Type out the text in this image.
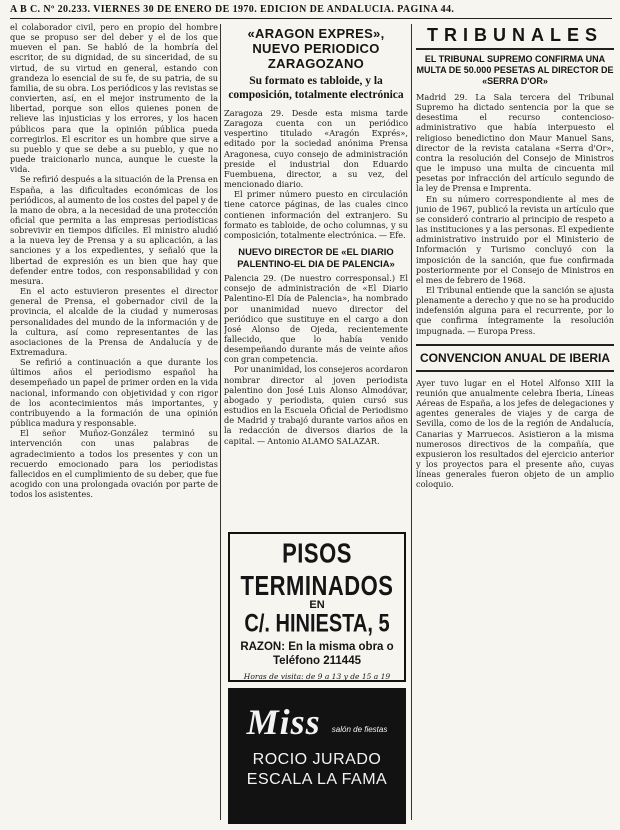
A B C. Nº 20.233. VIERNES 30 DE ENERO DE 1970. EDICION DE ANDALUCIA. PAGINA 44.

el colaborador civil, pero en propio del hombre que se propuso ser del deber y el de los que mueven el pan. Se habló de la hombría del escritor, de su dignidad, de su sinceridad, de su virtud, de su virtud en general, estando con grandeza lo esencial de su fe, de su patria, de su familia, de su obra. Los periódicos y las revistas se convierten, así, en el mejor instrumento de la libertad, porque son ellos quienes ponen de relieve las injusticias y los errores, y los hacen públicos para que la opinión pública pueda corregirlos. El escritor es un hombre que sirve a su pueblo y que se debe a su pueblo, y que no puede traicionarlo nunca, aunque le cueste la vida.

Se refirió después a la situación de la Prensa en España, a las dificultades económicas de los periódicos, al aumento de los costes del papel y de la mano de obra, a la necesidad de una protección oficial que permita a las empresas periodísticas sobrevivir en tiempos difíciles. El ministro aludió a la nueva ley de Prensa y a su aplicación, a las sanciones y a los expedientes, y señaló que la libertad de expresión es un bien que hay que defender entre todos, con responsabilidad y con mesura.

En el acto estuvieron presentes el director general de Prensa, el gobernador civil de la provincia, el alcalde de la ciudad y numerosas personalidades del mundo de la información y de la cultura, así como representantes de las asociaciones de la Prensa de Andalucía y de Extremadura.

Se refirió a continuación a que durante los últimos años el periodismo español ha desempeñado un papel de primer orden en la vida nacional, informando con objetividad y con rigor de los acontecimientos más importantes, y contribuyendo a la formación de una opinión pública madura y responsable.

El señor Muñoz-González terminó su intervención con unas palabras de agradecimiento a todos los presentes y con un recuerdo emocionado para los periodistas fallecidos en el cumplimiento de su deber, que fue acogido con una prolongada ovación por parte de todos los asistentes.

«ARAGON EXPRES», NUEVO PERIODICO ZARAGOZANO
Su formato es tabloide, y la composición, totalmente electrónica

Zaragoza 29. Desde esta misma tarde Zaragoza cuenta con un periódico vespertino titulado «Aragón Exprés», editado por la sociedad anónima Prensa Aragonesa, cuyo consejo de administración preside el industrial don Eduardo Fuembuena, director, a su vez, del mencionado diario.

El primer número puesto en circulación tiene catorce páginas, de las cuales cinco contienen información del extranjero. Su formato es tabloide, de ocho columnas, y su composición, totalmente electrónica. — Efe.

NUEVO DIRECTOR DE «EL DIARIO PALENTINO-EL DIA DE PALENCIA»

Palencia 29. (De nuestro corresponsal.) El consejo de administración de «El Diario Palentino-El Día de Palencia», ha nombrado por unanimidad nuevo director del periódico que sustituye en el cargo a don José Alonso de Ojeda, recientemente fallecido, que lo había venido desempeñando durante más de veinte años con gran competencia.

Por unanimidad, los consejeros acordaron nombrar director al joven periodista palentino don José Luis Alonso Almodóvar, abogado y periodista, quien cursó sus estudios en la Escuela Oficial de Periodismo de Madrid y trabajó durante varios años en la redacción de diversos diarios de la capital. — Antonio ALAMO SALAZAR.

PISOS TERMINADOS
EN
C/. HINIESTA, 5
RAZON: En la misma obra o Teléfono 211445
Horas de visita: de 9 a 13 y de 15 a 19
Miss salón de fiestas
ROCIO JURADO
ESCALA LA FAMA
TRIBUNALES
EL TRIBUNAL SUPREMO CONFIRMA UNA MULTA DE 50.000 PESETAS AL DIRECTOR DE «SERRA D'OR»

Madrid 29. La Sala tercera del Tribunal Supremo ha dictado sentencia por la que se desestima el recurso contencioso-administrativo que había interpuesto el religioso benedictino don Maur Manuel Sans, director de la revista catalana «Serra d'Or», contra la resolución del Consejo de Ministros que le impuso una multa de cincuenta mil pesetas por infracción del artículo segundo de la ley de Prensa e Imprenta.

En su número correspondiente al mes de junio de 1967, publicó la revista un artículo que se consideró contrario al principio de respeto a las instituciones y a las personas. El expediente administrativo instruido por el Ministerio de Información y Turismo concluyó con la imposición de la sanción, que fue confirmada posteriormente por el Consejo de Ministros en el mes de febrero de 1968.

El Tribunal entiende que la sanción se ajusta plenamente a derecho y que no se ha producido indefensión alguna para el recurrente, por lo que confirma íntegramente la resolución impugnada. — Europa Press.

CONVENCION ANUAL DE IBERIA

Ayer tuvo lugar en el Hotel Alfonso XIII la reunión que anualmente celebra Iberia, Líneas Aéreas de España, a los jefes de delegaciones y agentes generales de viajes y de carga de Sevilla, como de los de la región de Andalucía, Canarias y Marruecos. Asistieron a la misma numerosos directivos de la compañía, que expusieron los resultados del ejercicio anterior y los proyectos para el presente año, cuyas líneas generales fueron objeto de un amplio coloquio.
